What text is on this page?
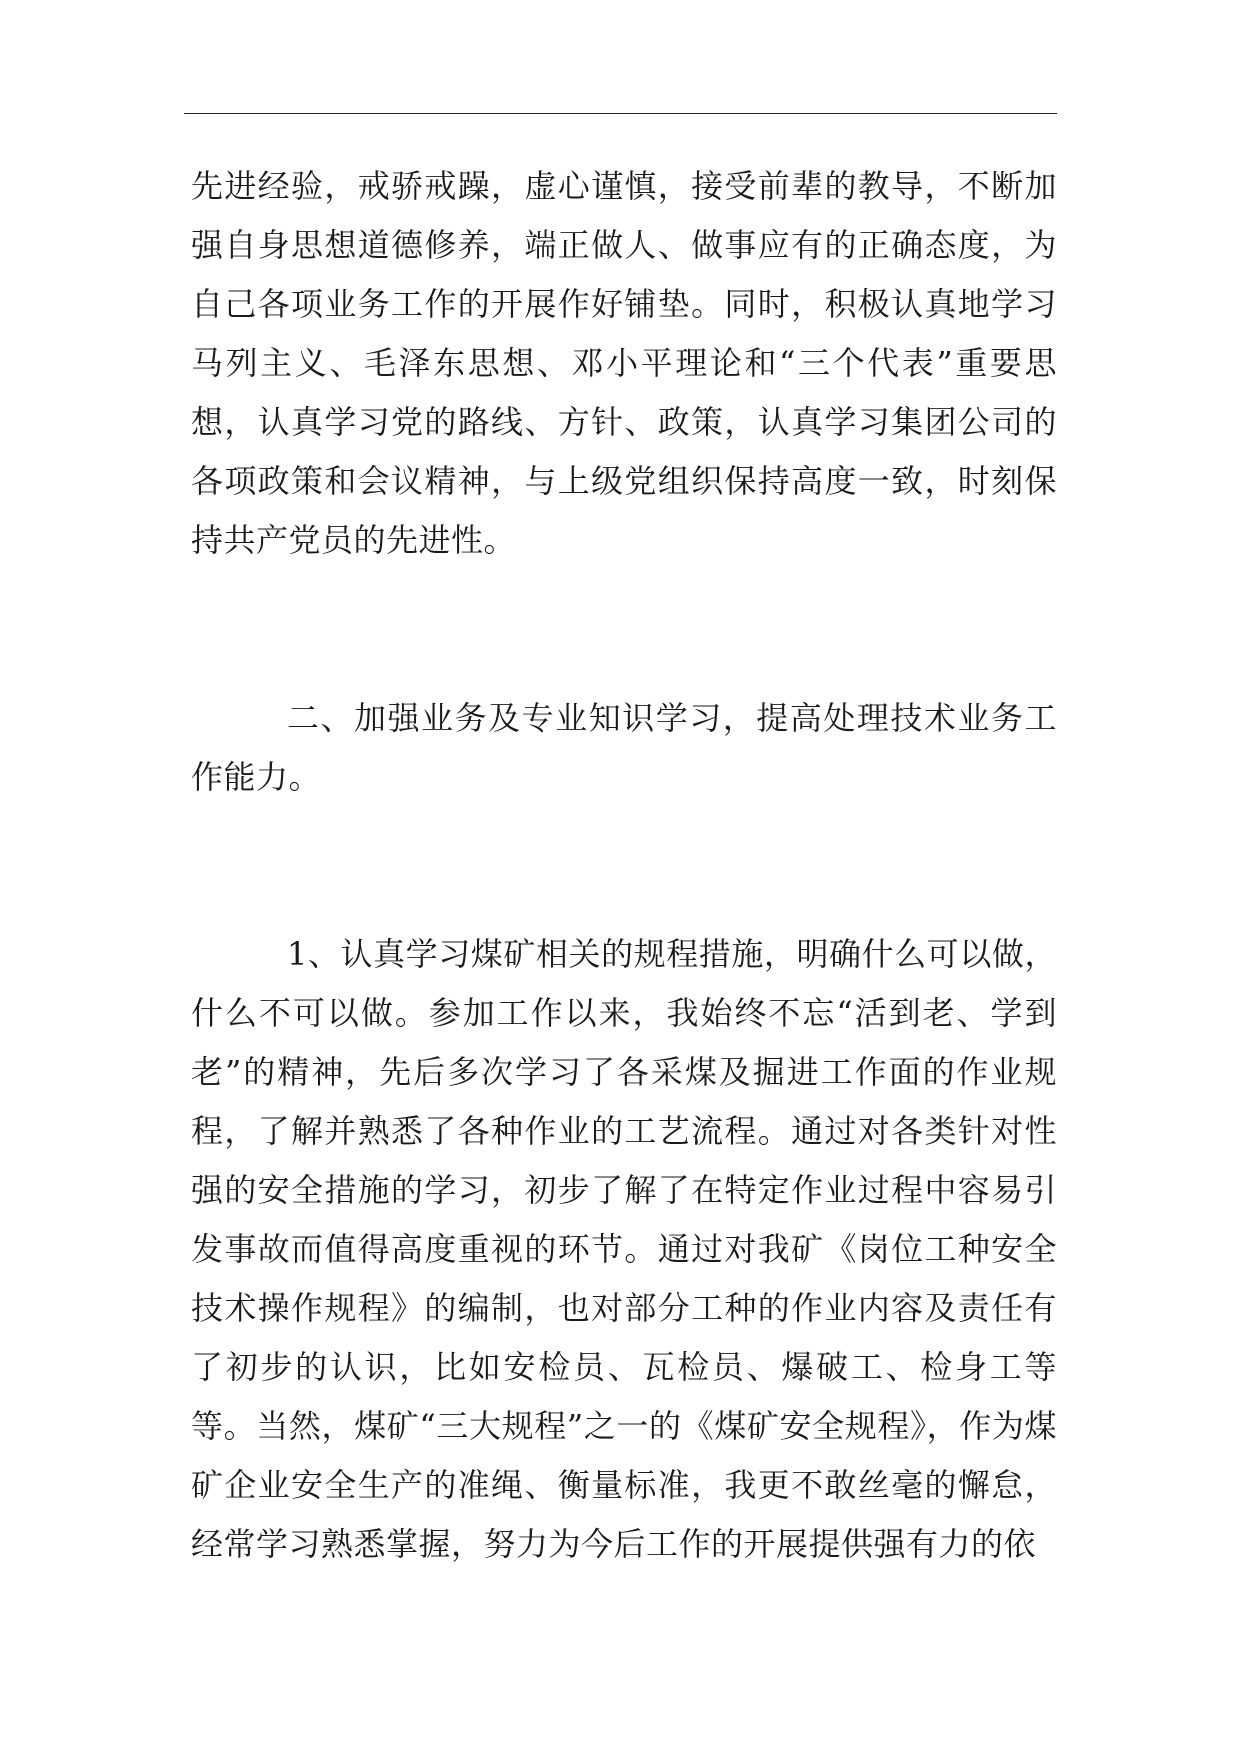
先进经验，戒骄戒躁，虚心谨慎，接受前辈的教导，不断加强自身思想道德修养，端正做人、做事应有的正确态度，为自己各项业务工作的开展作好铺垫。同时，积极认真地学习马列主义、毛泽东思想、邓小平理论和“三个代表”重要思想，认真学习党的路线、方针、政策，认真学习集团公司的各项政策和会议精神，与上级党组织保持高度一致，时刻保持共产党员的先进性。

二、加强业务及专业知识学习，提高处理技术业务工作能力。

1、认真学习煤矿相关的规程措施，明确什么可以做，什么不可以做。参加工作以来，我始终不忘“活到老、学到老”的精神，先后多次学习了各采煤及掘进工作面的作业规程，了解并熟悉了各种作业的工艺流程。通过对各类针对性强的安全措施的学习，初步了解了在特定作业过程中容易引发事故而值得高度重视的环节。通过对我矿《岗位工种安全技术操作规程》的编制，也对部分工种的作业内容及责任有了初步的认识，比如安检员、瓦检员、爆破工、检身工等等。当然，煤矿“三大规程”之一的《煤矿安全规程》，作为煤矿企业安全生产的准绳、衡量标准，我更不敢丝毫的懈怠，经常学习熟悉掌握，努力为今后工作的开展提供强有力的依
